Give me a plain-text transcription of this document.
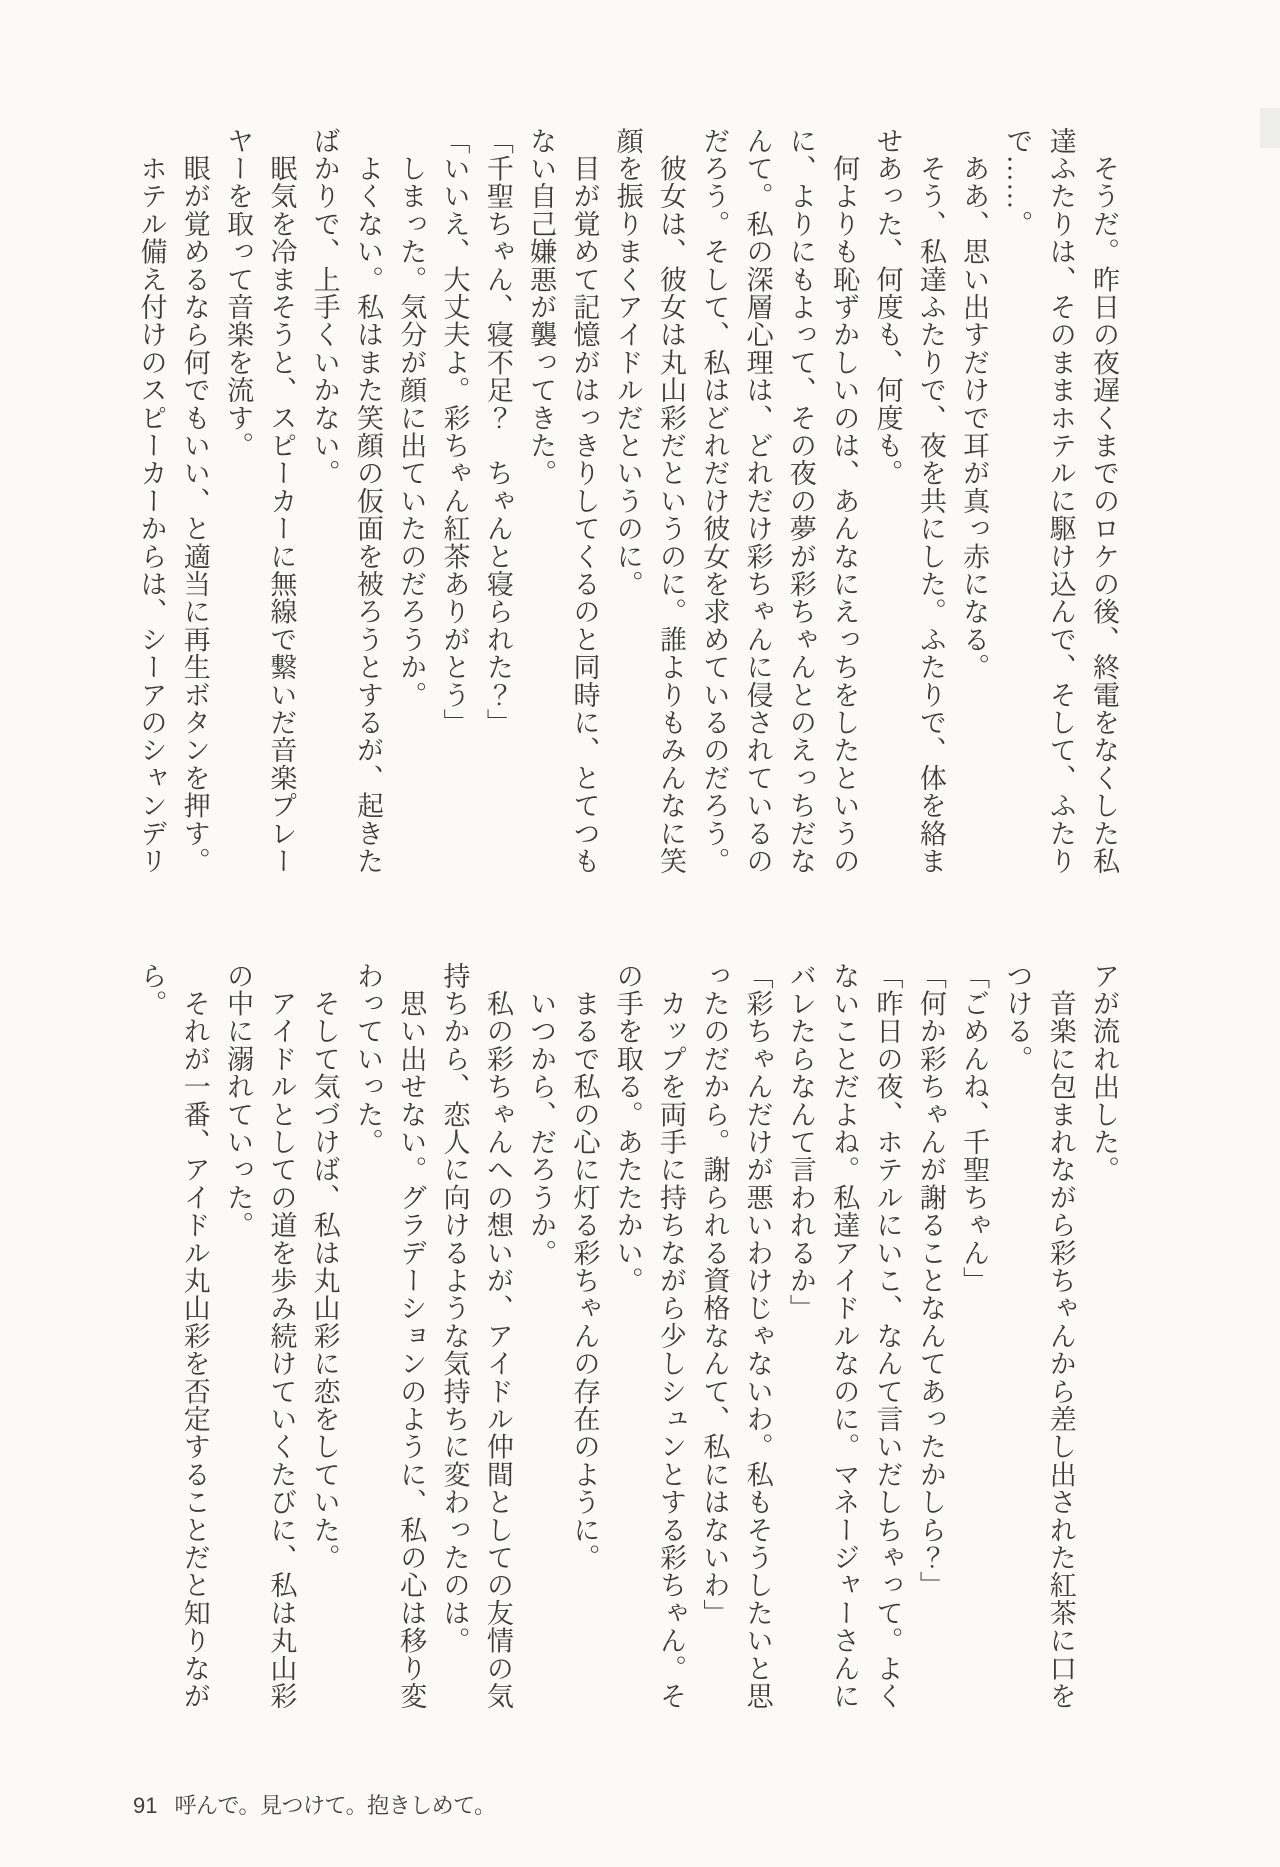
　そうだ。昨日の夜遅くまでのロケの後、終電をなくした私

達ふたりは、そのままホテルに駆け込んで、そして、ふたり

で……。

　ああ、思い出すだけで耳が真っ赤になる。

　そう、私達ふたりで、夜を共にした。ふたりで、体を絡ま

せあった、何度も、何度も。

　何よりも恥ずかしいのは、あんなにえっちをしたというの

に、よりにもよって、その夜の夢が彩ちゃんとのえっちだな

んて。私の深層心理は、どれだけ彩ちゃんに侵されているの

だろう。そして、私はどれだけ彼女を求めているのだろう。

　彼女は、彼女は丸山彩だというのに。誰よりもみんなに笑

顔を振りまくアイドルだというのに。

　目が覚めて記憶がはっきりしてくるのと同時に、とてつも

ない自己嫌悪が襲ってきた。

「千聖ちゃん、寝不足？　ちゃんと寝られた？」

「いいえ、大丈夫よ。彩ちゃん紅茶ありがとう」

　しまった。気分が顔に出ていたのだろうか。

　よくない。私はまた笑顔の仮面を被ろうとするが、起きた

ばかりで、上手くいかない。

　眠気を冷まそうと、スピーカーに無線で繋いだ音楽プレー

ヤーを取って音楽を流す。

　眼が覚めるなら何でもいい、と適当に再生ボタンを押す。

　ホテル備え付けのスピーカーからは、シーアのシャンデリ

アが流れ出した。

　音楽に包まれながら彩ちゃんから差し出された紅茶に口を

つける。

「ごめんね、千聖ちゃん」

「何か彩ちゃんが謝ることなんてあったかしら？」

「昨日の夜、ホテルにいこ、なんて言いだしちゃって。よく

ないことだよね。私達アイドルなのに。マネージャーさんに

バレたらなんて言われるか」

「彩ちゃんだけが悪いわけじゃないわ。私もそうしたいと思

ったのだから。謝られる資格なんて、私にはないわ」

　カップを両手に持ちながら少しシュンとする彩ちゃん。そ

の手を取る。あたたかい。

　まるで私の心に灯る彩ちゃんの存在のように。

　いつから、だろうか。

　私の彩ちゃんへの想いが、アイドル仲間としての友情の気

持ちから、恋人に向けるような気持ちに変わったのは。

　思い出せない。グラデーションのように、私の心は移り変

わっていった。

　そして気づけば、私は丸山彩に恋をしていた。

　アイドルとしての道を歩み続けていくたびに、私は丸山彩

の中に溺れていった。

　それが一番、アイドル丸山彩を否定することだと知りなが

ら。

91 呼んで。見つけて。抱きしめて。
